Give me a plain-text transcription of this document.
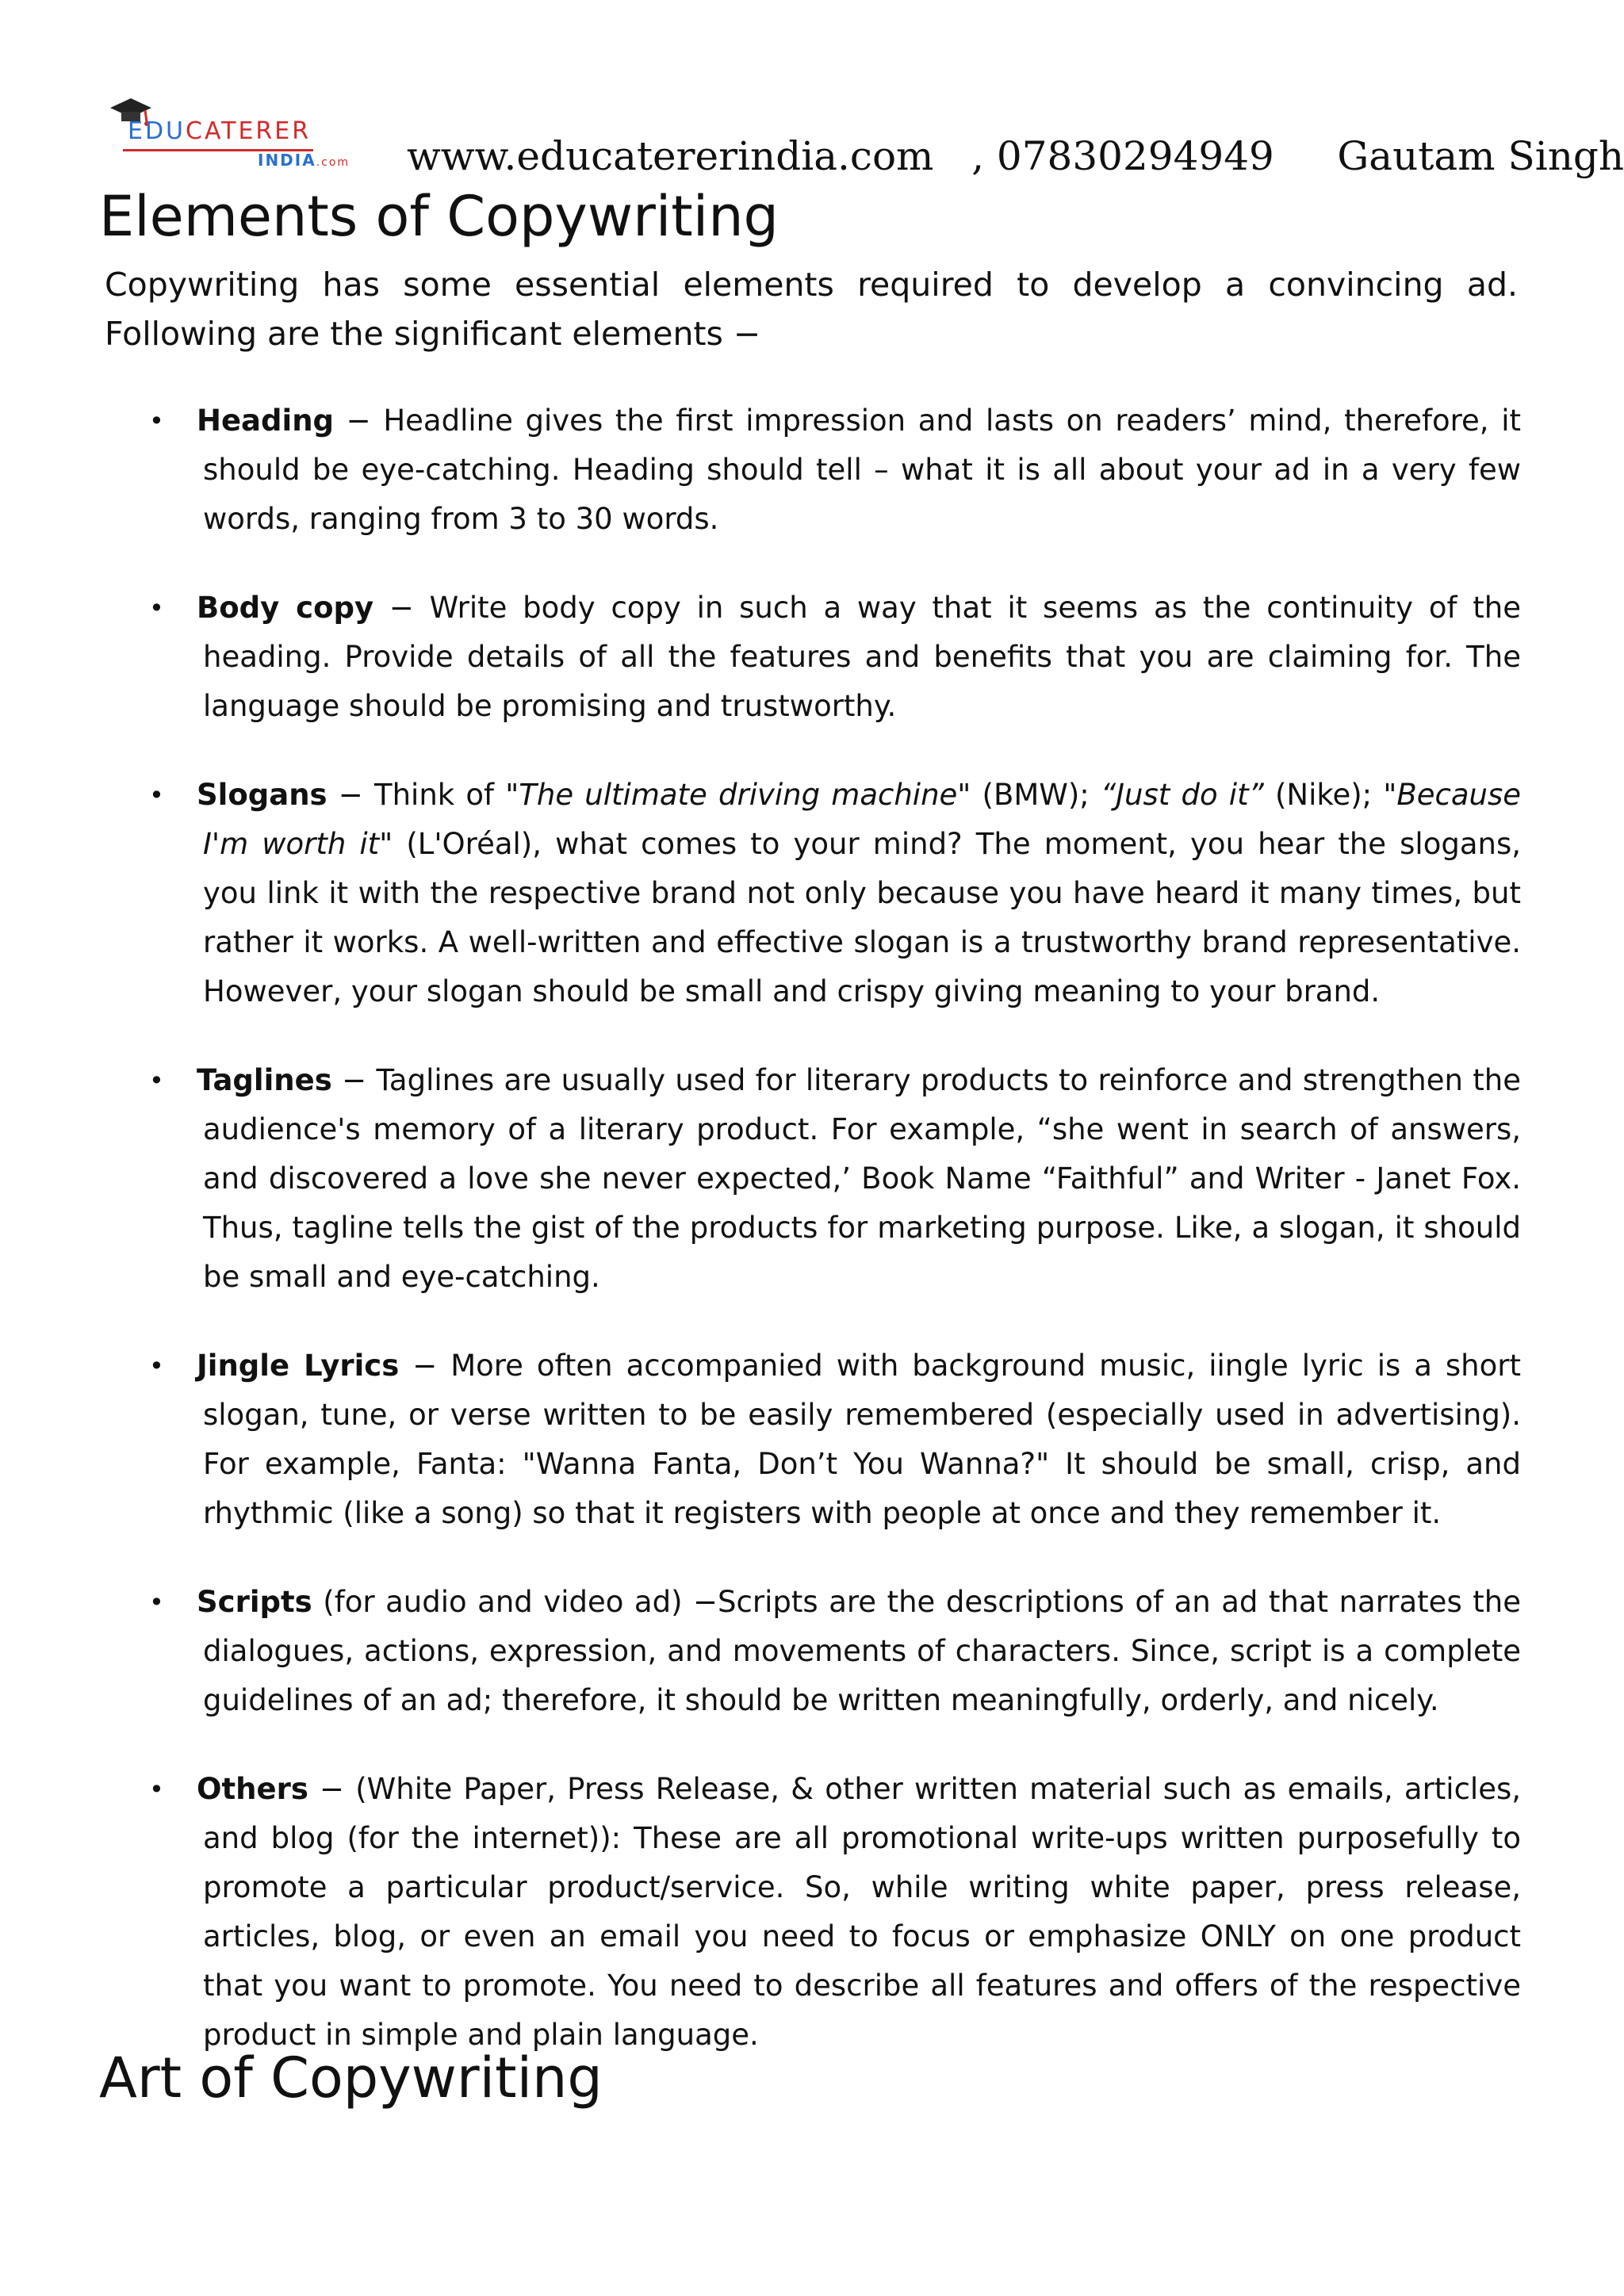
EDUCATERER
INDIA.com www.educatererindia.com   , 07830294949     Gautam Singh
Elements of Copywriting
Copywriting has some essential elements required to develop a convincing ad. Following are the significant elements −
• Heading − Headline gives the first impression and lasts on readers’ mind, therefore, it should be eye-catching. Heading should tell – what it is all about your ad in a very few words, ranging from 3 to 30 words.
• Body copy − Write body copy in such a way that it seems as the continuity of the heading. Provide details of all the features and benefits that you are claiming for. The language should be promising and trustworthy.
• Slogans − Think of "The ultimate driving machine" (BMW); “Just do it” (Nike); "Because I'm worth it" (L'Oréal), what comes to your mind? The moment, you hear the slogans, you link it with the respective brand not only because you have heard it many times, but rather it works. A well-written and effective slogan is a trustworthy brand representative. However, your slogan should be small and crispy giving meaning to your brand.
• Taglines − Taglines are usually used for literary products to reinforce and strengthen the audience's memory of a literary product. For example, “she went in search of answers, and discovered a love she never expected,’ Book Name “Faithful” and Writer - Janet Fox. Thus, tagline tells the gist of the products for marketing purpose. Like, a slogan, it should be small and eye-catching.
• Jingle Lyrics − More often accompanied with background music, iingle lyric is a short slogan, tune, or verse written to be easily remembered (especially used in advertising). For example, Fanta: "Wanna Fanta, Don’t You Wanna?" It should be small, crisp, and rhythmic (like a song) so that it registers with people at once and they remember it.
• Scripts (for audio and video ad) −Scripts are the descriptions of an ad that narrates the dialogues, actions, expression, and movements of characters. Since, script is a complete guidelines of an ad; therefore, it should be written meaningfully, orderly, and nicely.
• Others − (White Paper, Press Release, & other written material such as emails, articles, and blog (for the internet)): These are all promotional write-ups written purposefully to promote a particular product/service. So, while writing white paper, press release, articles, blog, or even an email you need to focus or emphasize ONLY on one product that you want to promote. You need to describe all features and offers of the respective product in simple and plain language.
Art of Copywriting
